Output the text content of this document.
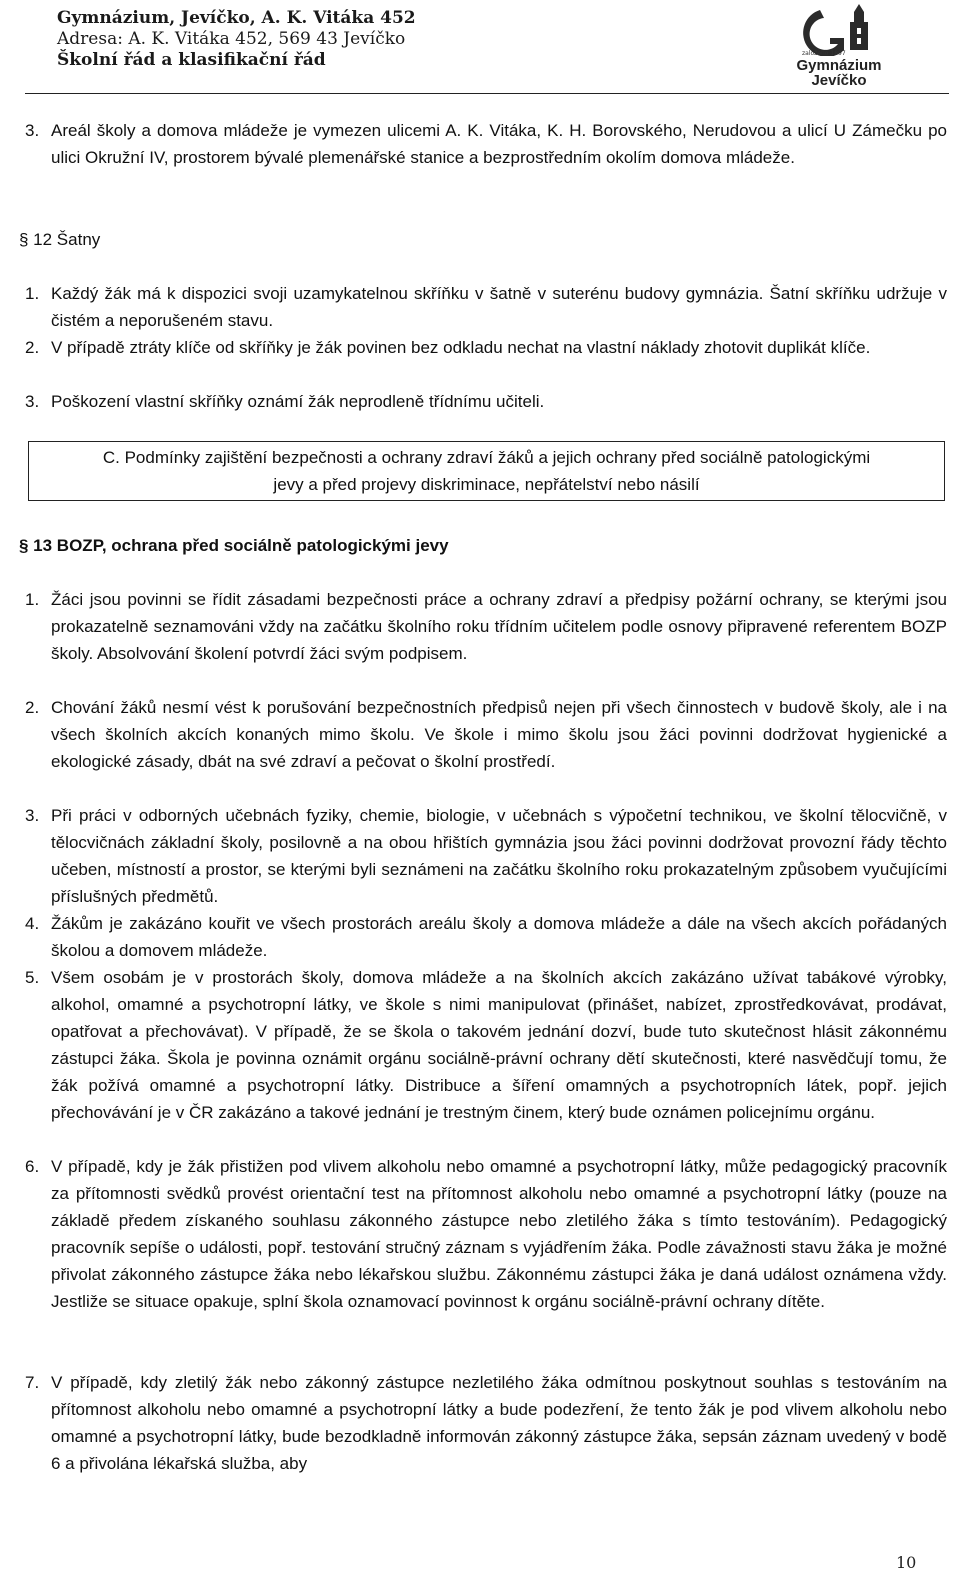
Gymnázium, Jevíčko, A. K. Vitáka 452
Adresa: A. K. Vitáka 452, 569 43 Jevíčko
Školní řád a klasifikační řád	založeno 1897
Gymnázium
Jevíčko
3. Areál školy a domova mládeže je vymezen ulicemi A. K. Vitáka, K. H. Borovského, Nerudovou a ulicí U Zámečku po ulici Okružní IV, prostorem bývalé plemenářské stanice a bezprostředním okolím domova mládeže.
§ 12 Šatny
1. Každý žák má k dispozici svoji uzamykatelnou skříňku v šatně v suterénu budovy gymnázia. Šatní skříňku udržuje v čistém a neporušeném stavu.
2. V případě ztráty klíče od skříňky je žák povinen bez odkladu nechat na vlastní náklady zhotovit duplikát klíče.
3. Poškození vlastní skříňky oznámí žák neprodleně třídnímu učiteli.
C. Podmínky zajištění bezpečnosti a ochrany zdraví žáků a jejich ochrany před sociálně patologickými
jevy a před projevy diskriminace, nepřátelství nebo násilí
§ 13 BOZP, ochrana před sociálně patologickými jevy
1. Žáci jsou povinni se řídit zásadami bezpečnosti práce a ochrany zdraví a předpisy požární ochrany, se kterými jsou prokazatelně seznamováni vždy na začátku školního roku třídním učitelem podle osnovy připravené referentem BOZP školy. Absolvování školení potvrdí žáci svým podpisem.
2. Chování žáků nesmí vést k porušování bezpečnostních předpisů nejen při všech činnostech v budově školy, ale i na všech školních akcích konaných mimo školu. Ve škole i mimo školu jsou žáci povinni dodržovat hygienické a ekologické zásady, dbát na své zdraví a pečovat o školní prostředí.
3. Při práci v odborných učebnách fyziky, chemie, biologie, v učebnách s výpočetní technikou, ve školní tělocvičně, v tělocvičnách základní školy, posilovně a na obou hřištích gymnázia jsou žáci povinni dodržovat provozní řády těchto učeben, místností a prostor, se kterými byli seznámeni na začátku školního roku prokazatelným způsobem vyučujícími příslušných předmětů.
4. Žákům je zakázáno kouřit ve všech prostorách areálu školy a domova mládeže a dále na všech akcích pořádaných školou a domovem mládeže.
5. Všem osobám je v prostorách školy, domova mládeže a na školních akcích zakázáno užívat tabákové výrobky, alkohol, omamné a psychotropní látky, ve škole s nimi manipulovat (přinášet, nabízet, zprostředkovávat, prodávat, opatřovat a přechovávat). V případě, že se škola o takovém jednání dozví, bude tuto skutečnost hlásit zákonnému zástupci žáka. Škola je povinna oznámit orgánu sociálně-právní ochrany dětí skutečnosti, které nasvědčují tomu, že žák požívá omamné a psychotropní látky. Distribuce a šíření omamných a psychotropních látek, popř. jejich přechovávání je v ČR zakázáno a takové jednání je trestným činem, který bude oznámen policejnímu orgánu.
6. V případě, kdy je žák přistižen pod vlivem alkoholu nebo omamné a psychotropní látky, může pedagogický pracovník za přítomnosti svědků provést orientační test na přítomnost alkoholu nebo omamné a psychotropní látky (pouze na základě předem získaného souhlasu zákonného zástupce nebo zletilého žáka s tímto testováním). Pedagogický pracovník sepíše o události, popř. testování stručný záznam s vyjádřením žáka. Podle závažnosti stavu žáka je možné přivolat zákonného zástupce žáka nebo lékařskou službu. Zákonnému zástupci žáka je daná událost oznámena vždy. Jestliže se situace opakuje, splní škola oznamovací povinnost k orgánu sociálně-právní ochrany dítěte.
7. V případě, kdy zletilý žák nebo zákonný zástupce nezletilého žáka odmítnou poskytnout souhlas s testováním na přítomnost alkoholu nebo omamné a psychotropní látky a bude podezření, že tento žák je pod vlivem alkoholu nebo omamné a psychotropní látky, bude bezodkladně informován zákonný zástupce žáka, sepsán záznam uvedený v bodě 6 a přivolána lékařská služba, aby
10
